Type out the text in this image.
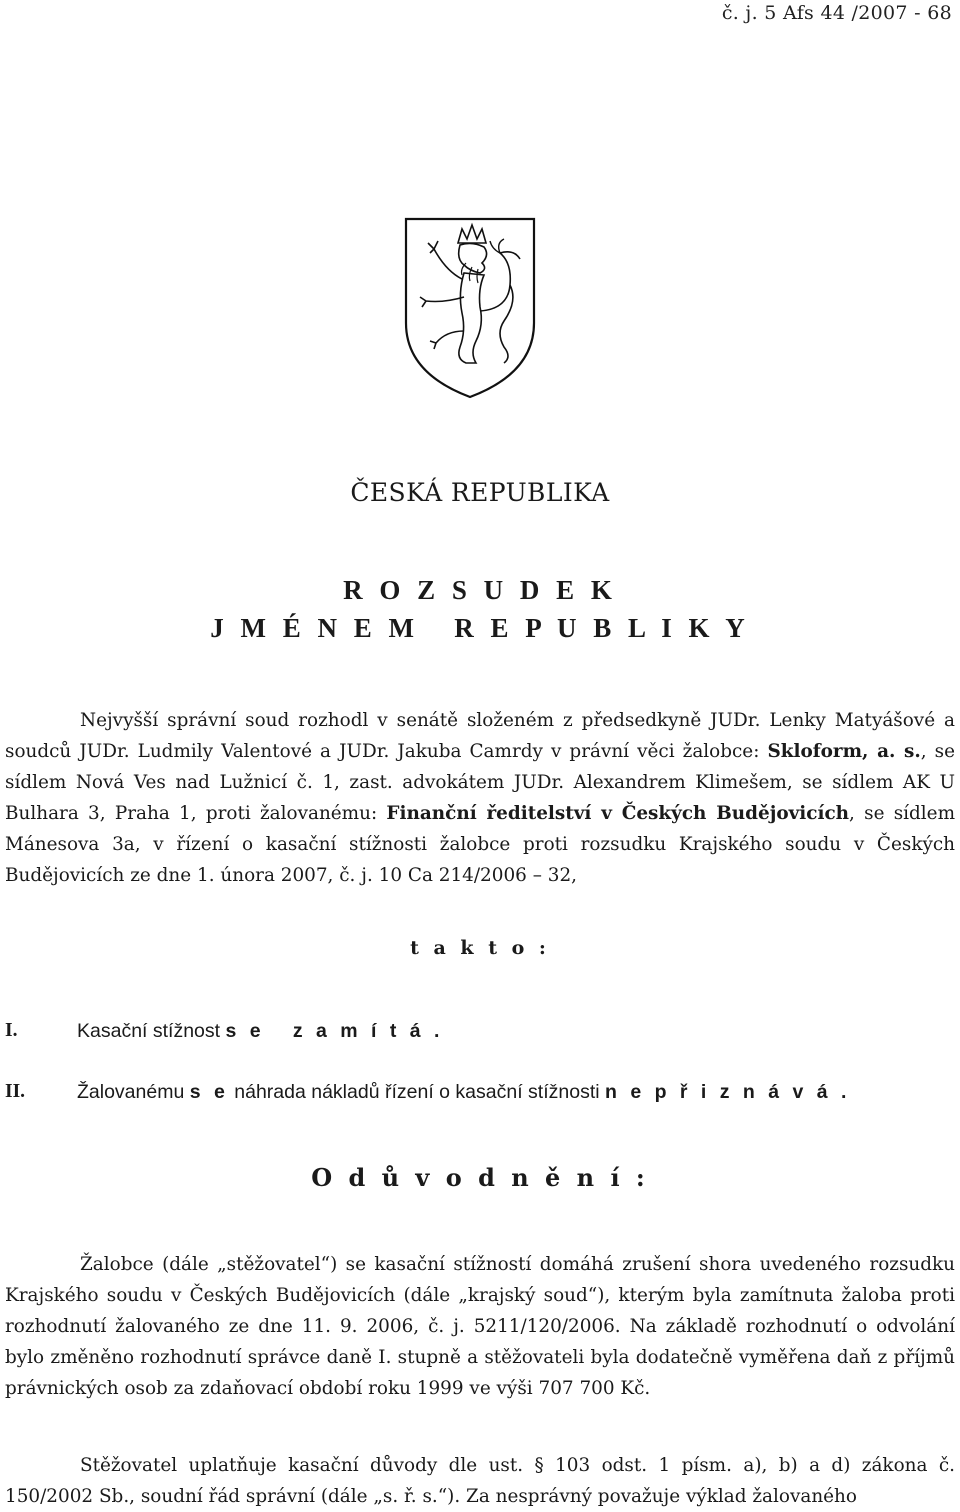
č. j. 5 Afs 44 /2007 - 68
ČESKÁ REPUBLIKA
R O Z S U D E K
J M É N E M   R E P U B L I K Y
Nejvyšší správní soud rozhodl v senátě složeném z předsedkyně JUDr. Lenky Matyášové a soudců JUDr. Ludmily Valentové a JUDr. Jakuba Camrdy v právní věci žalobce: Skloform, a. s., se sídlem Nová Ves nad Lužnicí č. 1, zast. advokátem JUDr. Alexandrem Klimešem, se sídlem AK U Bulhara 3, Praha 1, proti žalovanému: Finanční ředitelství v Českých Budějovicích, se sídlem Mánesova 3a, v řízení o kasační stížnosti žalobce proti rozsudku Krajského soudu v Českých Budějovicích ze dne 1. února 2007, č. j. 10 Ca 214/2006 – 32,
t a k t o :
I.	Kasační stížnost s e   z a m í t á .
II.	Žalovanému s e náhrada nákladů řízení o kasační stížnosti n e p ř i z n á v á .
O d ů v o d n ě n í :
Žalobce (dále „stěžovatel“) se kasační stížností domáhá zrušení shora uvedeného rozsudku Krajského soudu v Českých Budějovicích (dále „krajský soud“), kterým byla zamítnuta žaloba proti rozhodnutí žalovaného ze dne 11. 9. 2006, č. j. 5211/120/2006. Na základě rozhodnutí o odvolání bylo změněno rozhodnutí správce daně I. stupně a stěžovateli byla dodatečně vyměřena daň z příjmů právnických osob za zdaňovací období roku 1999 ve výši 707 700 Kč.
Stěžovatel uplatňuje kasační důvody dle ust. § 103 odst. 1 písm. a), b) a d) zákona č. 150/2002 Sb., soudní řád správní (dále „s. ř. s.“). Za nesprávný považuje výklad žalovaného
